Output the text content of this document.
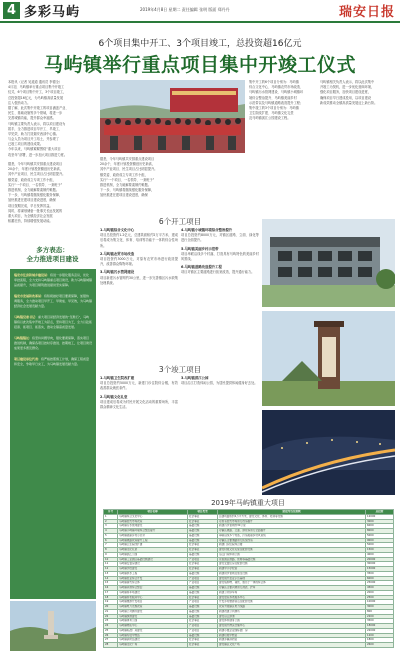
4 多彩马屿	2019年4月8日 星期二 责任编辑 张明 版面 郑丹丹	瑞安日报
6个项目集中开工、3个项目竣工，总投资超16亿元
马屿镇举行重点项目集中开竣工仪式
本报讯（记者 吴道道 通讯员 李德全）
4月初，马屿镇举行重点项目集中开竣工
仪式，6个项目集中开工，3个项目竣工，
总投资超16亿元，为马屿镇高质量发展
注入强劲动力。
据了解，此次集中开竣工的项目涵盖产业、
民生、基础设施等多个领域，将进一步
完善城镇功能，提升群众幸福感。
马屿镇主要负责人表示，将以项目建设为
抓手，全力推进项目早开工、早竣工、
早见效，助力打造瑞安西部中心镇。
与会人员为项目开工培土，并参观了
已竣工项目的建设成果。
今年以来，马屿镇紧紧围绕“重大项目
攻坚年”部署，进一步加大项目推进力度。
据悉，今年马屿镇共安排重点建设项目
20余个，年度计划投资额创历史新高，
其中产业项目、民生项目占比明显提升。
镇党委、政府成立专项工作小组，
实行“一个项目、一名领导、一套班子”
推进机制，全力破解要素制约难题。
下一步，马屿镇将继续强化服务保障，
加快推进在建项目建设进度，确保
项目按期完成，早日发挥效益。
同时，将谋划储备一批事关长远发展的
重大项目，为全镇经济社会发展
积蓄后劲，持续增强发展动能。
集中开工的6个项目分别为：马屿镇
综合文化中心、马屿镇农贸市场改造、
马屿镇污水管网建设、马屿镇小城镇环
境综合整治提升、马屿镇美丽乡村
示范带以及马屿镇道路改造提升工程；
集中竣工的3个项目分别为：马屿镇
卫生院改扩建、马屿镇文化礼堂
及马屿镇滨江公园建设工程。
马屿镇相关负责人表示，将以此次集中
开竣工为契机，进一步优化营商环境，
强化项目服务，加快项目建设进度，
确保项目早日建成投用，以项目建设
新成效推动全镇高质量发展迈上新台阶。
据悉，今年马屿镇共安排重点建设项目
20余个，年度计划投资额创历史新高，
其中产业项目、民生项目占比明显提升。
镇党委、政府成立专项工作小组，
实行“一个项目、一名领导、一套班子”
推进机制，全力破解要素制约难题。
下一步，马屿镇将继续强化服务保障，
加快推进在建项目建设进度，确保
多方表态：
全力推进项目建设
瑞安市住房和城乡建设局：将进一步强化服务意识，优化审批流程，全力支持马屿镇重点项目建设，助力马屿镇城镇品质提升，为项目顺利推进提供坚实保障。
瑞安市发展和改革局：将积极做好项目要素保障，加强协调服务，全力推动项目早开工、早建成、早见效，为马屿镇经济社会发展贡献力量。
马屿镇党委书记：重大项目是经济发展的“压舱石”，马屿镇将以此次集中开竣工为起点，坚持项目为王，全力以赴抓招商、抓项目、抓落实，推动全镇高质量发展。
马屿镇镇长：将坚持问题导向，强化要素保障，落实项目推进机制，确保各项目按时序推进、按期竣工，让项目建设成果更多惠及群众。
项目建设单位代表：将严格按照施工计划，确保工程质量和安全，争取早日完工，为马屿镇发展贡献力量。
6个开工项目
1.马屿镇综合文化中心
项目总投资约1.2亿元，总建筑面积约2万平方米，建成后将成为集文化、体育、培训等功能于一体的综合性场所。
2.马屿镇农贸市场改造
项目投资约3000万元，对原有农贸市场进行改造提升，改善群众购物环境。
3.马屿镇污水管网建设
项目新建污水管网约30公里，进一步完善镇区污水收集处理系统。
4.马屿镇小城镇环境综合整治提升
项目总投资约8000万元，对镇区道路、立面、绿化等进行全面提升。
5.马屿镇美丽乡村示范带
项目串联沿线多个村落，打造具有马屿特色的美丽乡村风景线。
6.马屿镇道路改造提升工程
项目对镇区主要道路进行拓宽改造，提升通行能力。
3个竣工项目
1.马屿镇卫生院改扩建
项目总投资约5000万元，新建门诊住院综合楼，有效改善群众就医条件。
2.马屿镇文化礼堂
项目建成后将成为村民开展文化活动的重要场所，丰富群众精神文化生活。
3.马屿镇滨江公园
项目沿江打造休闲公园，为居民提供休闲健身好去处。
2019年马屿镇重大项目
序号	项目名称	项目类型	建设内容及规模	总投资
1	马屿镇综合文化中心	社会事业	总建筑面积约2万平方米，建设文化、体育、培训等设施	12000
2	马屿镇农贸市场改造	社会事业	对原有农贸市场进行改造提升	3000
3	马屿镇污水管网建设	基础设施	新建污水管网约30公里	6000
4	马屿镇小城镇环境综合整治提升	基础设施	对镇区道路、立面、绿化等进行全面提升	8000
5	马屿镇美丽乡村示范带	基础设施	串联沿线多个村落，打造美丽乡村风景线	5000
6	马屿镇道路改造提升工程	基础设施	对镇区主要道路进行拓宽改造	9000
7	马屿镇卫生院改扩建	社会事业	新建门诊住院综合楼	5000
8	马屿镇文化礼堂	社会事业	建设村级文化礼堂及配套设施	1500
9	马屿镇滨江公园	基础设施	沿江打造休闲公园	4000
10	马屿镇工业园区基础设施建设	产业项目	完善园区道路、管网等基础设施	20000
11	马屿镇安置房建设	社会事业	建设安置住房及配套设施	30000
12	马屿镇学校建设	社会事业	新建中小学校舍	15000
13	马屿镇供水工程	基础设施	新建供水管网及加压设施	3500
14	马屿镇农业综合开发	产业项目	建设现代农业示范基地	6000
15	马屿镇商贸综合体	产业项目	建设集购物、餐饮、娱乐于一体的综合体	25000
16	马屿镇河道综合整治	基础设施	对镇区主要河道进行清淤、护岸	4500
17	马屿镇停车场建设	基础设施	新建公共停车场	2000
18	马屿镇养老服务中心	社会事业	建设居家养老服务中心	2500
19	马屿镇旅游开发项目	产业项目	开发乡村旅游景点及配套设施	10000
20	马屿镇电力设施改造	基础设施	改造升级镇区电力线路	3000
21	马屿镇公共厕所建设	基础设施	新建改建公共厕所	800
22	马屿镇绿道建设	基础设施	建设沿江绿道	2200
23	马屿镇体育公园	社会事业	建设体育健身公园	3500
24	马屿镇物流中心	产业项目	建设现代物流仓储中心	18000
25	马屿镇标准厂房建设	产业项目	新建小微企业园标准厂房	22000
26	马屿镇垃圾中转站	基础设施	新建垃圾中转站	1200
27	马屿镇消防站建设	社会事业	新建乡镇消防站	1800
28	马屿镇文化广场	社会事业	建设镇区文化广场	2600
